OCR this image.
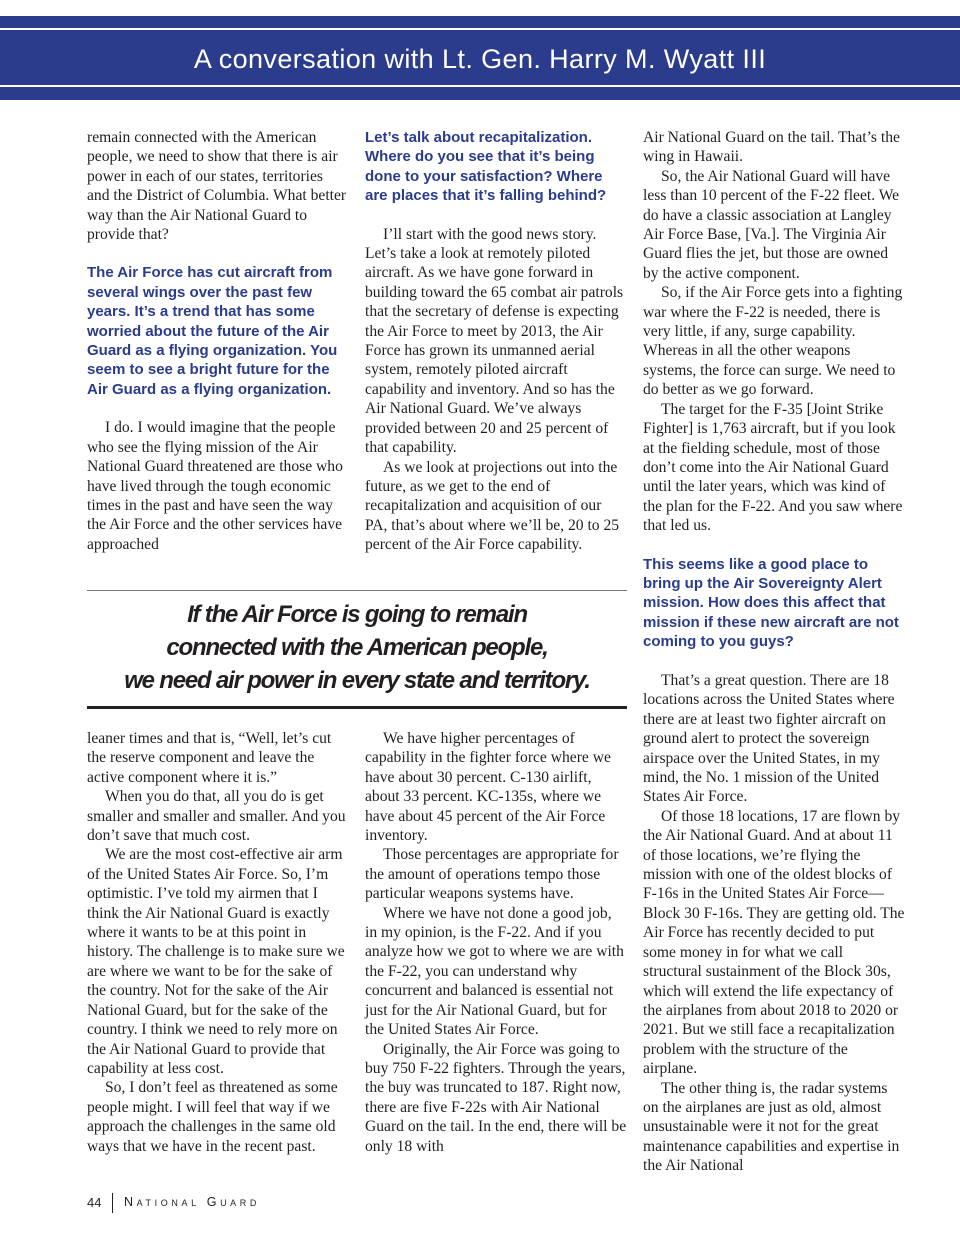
A conversation with Lt. Gen. Harry M. Wyatt III

remain connected with the American people, we need to show that there is air power in each of our states, territories and the District of Columbia. What better way than the Air National Guard to provide that?

The Air Force has cut aircraft from several wings over the past few years. It’s a trend that has some worried about the future of the Air Guard as a flying organization. You seem to see a bright future for the Air Guard as a flying organization.

I do. I would imagine that the people who see the flying mission of the Air National Guard threatened are those who have lived through the tough economic times in the past and have seen the way the Air Force and the other services have approached

Let’s talk about recapitalization. Where do you see that it’s being done to your satisfaction? Where are places that it’s falling behind?

I’ll start with the good news story. Let’s take a look at remotely piloted aircraft. As we have gone forward in building toward the 65 combat air patrols that the secretary of defense is expecting the Air Force to meet by 2013, the Air Force has grown its unmanned aerial system, remotely piloted aircraft capability and inventory. And so has the Air National Guard. We’ve always provided between 20 and 25 percent of that capability.

As we look at projections out into the future, as we get to the end of recapitalization and acquisition of our PA, that’s about where we’ll be, 20 to 25 percent of the Air Force capability.

Air National Guard on the tail. That’s the wing in Hawaii.

So, the Air National Guard will have less than 10 percent of the F-22 fleet. We do have a classic association at Langley Air Force Base, [Va.]. The Virginia Air Guard flies the jet, but those are owned by the active component.

So, if the Air Force gets into a fighting war where the F-22 is needed, there is very little, if any, surge capability. Whereas in all the other weapons systems, the force can surge. We need to do better as we go forward.

The target for the F-35 [Joint Strike Fighter] is 1,763 aircraft, but if you look at the fielding schedule, most of those don’t come into the Air National Guard until the later years, which was kind of the plan for the F-22. And you saw where that led us.

This seems like a good place to bring up the Air Sovereignty Alert mission. How does this affect that mission if these new aircraft are not coming to you guys?

If the Air Force is going to remain
connected with the American people,
we need air power in every state and territory.

leaner times and that is, “Well, let’s cut the reserve component and leave the active component where it is.”

When you do that, all you do is get smaller and smaller and smaller. And you don’t save that much cost.

We are the most cost-effective air arm of the United States Air Force. So, I’m optimistic. I’ve told my airmen that I think the Air National Guard is exactly where it wants to be at this point in history. The challenge is to make sure we are where we want to be for the sake of the country. Not for the sake of the Air National Guard, but for the sake of the country. I think we need to rely more on the Air National Guard to provide that capability at less cost.

So, I don’t feel as threatened as some people might. I will feel that way if we approach the challenges in the same old ways that we have in the recent past.

We have higher percentages of capability in the fighter force where we have about 30 percent. C-130 airlift, about 33 percent. KC-135s, where we have about 45 percent of the Air Force inventory.

Those percentages are appropriate for the amount of operations tempo those particular weapons systems have.

Where we have not done a good job, in my opinion, is the F-22. And if you analyze how we got to where we are with the F-22, you can understand why concurrent and balanced is essential not just for the Air National Guard, but for the United States Air Force.

Originally, the Air Force was going to buy 750 F-22 fighters. Through the years, the buy was truncated to 187. Right now, there are five F-22s with Air National Guard on the tail. In the end, there will be only 18 with

That’s a great question. There are 18 locations across the United States where there are at least two fighter aircraft on ground alert to protect the sovereign airspace over the United States, in my mind, the No. 1 mission of the United States Air Force.

Of those 18 locations, 17 are flown by the Air National Guard. And at about 11 of those locations, we’re flying the mission with one of the oldest blocks of F-16s in the United States Air Force—Block 30 F-16s. They are getting old. The Air Force has recently decided to put some money in for what we call structural sustainment of the Block 30s, which will extend the life expectancy of the airplanes from about 2018 to 2020 or 2021. But we still face a recapitalization problem with the structure of the airplane.

The other thing is, the radar systems on the airplanes are just as old, almost unsustainable were it not for the great maintenance capabilities and expertise in the Air National

44 National Guard
